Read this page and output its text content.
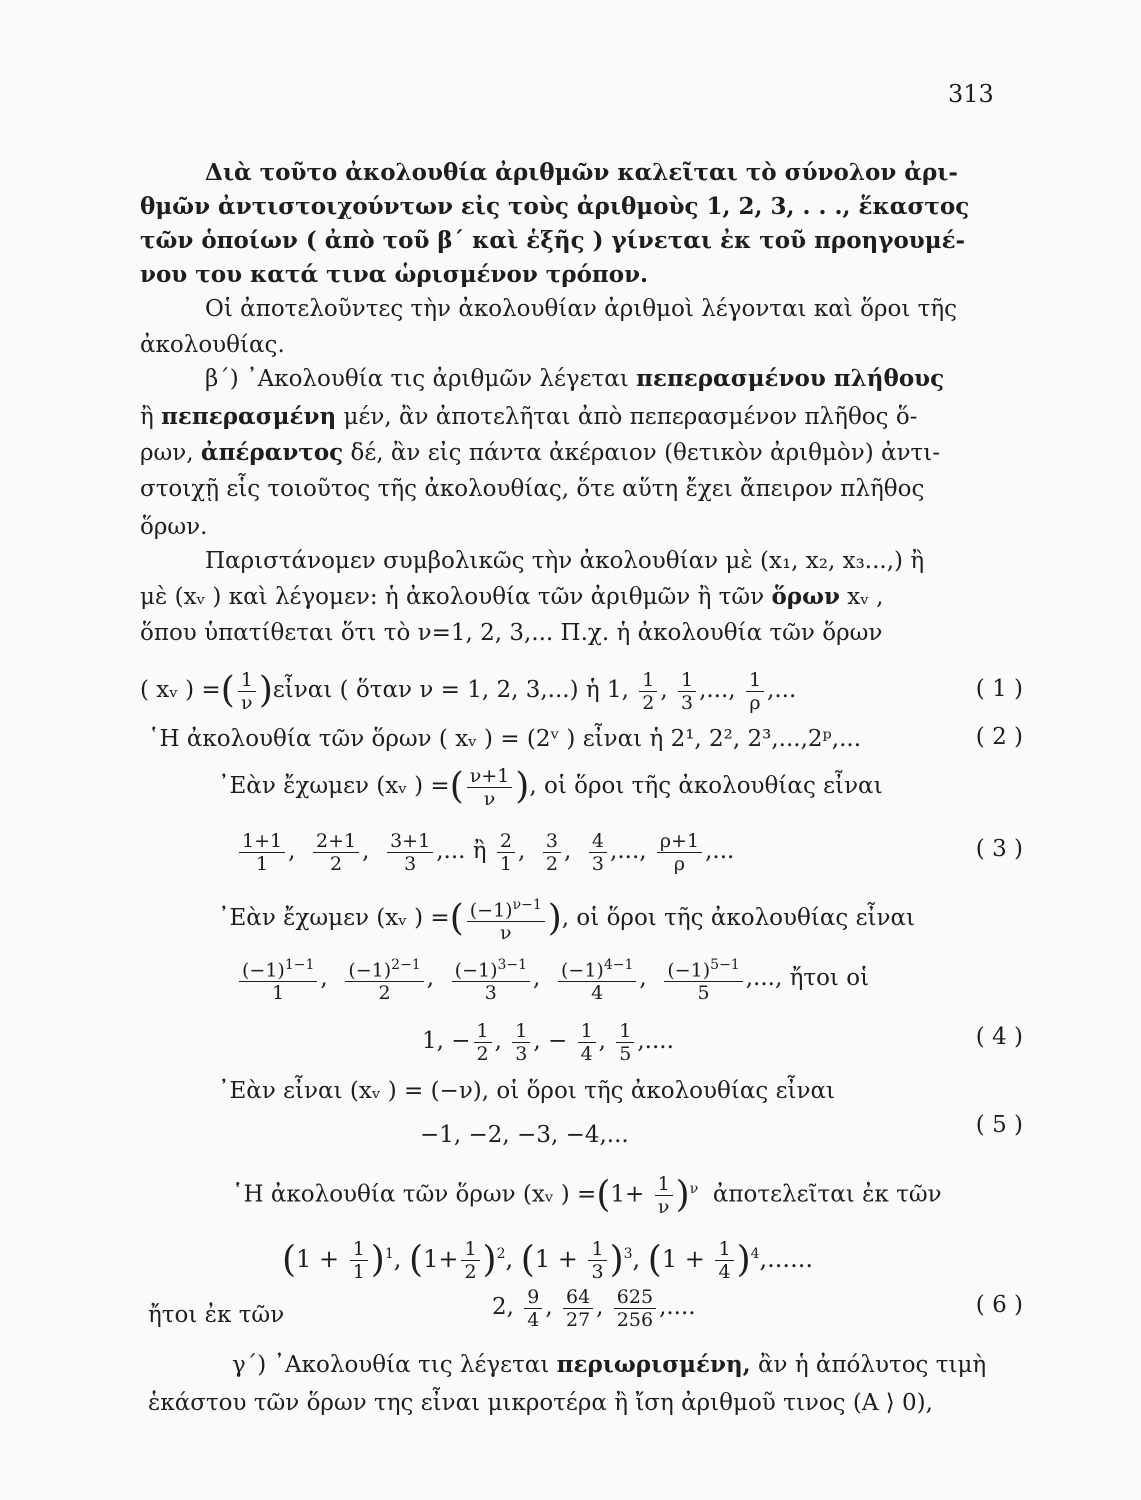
313
Διὰ τοῦτο ἀκολουθία ἀριθμῶν καλεῖται τὸ σύνολον ἀρι-
θμῶν ἀντιστοιχούντων εἰς τοὺς ἀριθμοὺς 1, 2, 3, . . ., ἕκαστος
τῶν ὁποίων ( ἀπὸ τοῦ β΄ καὶ ἑξῆς ) γίνεται ἐκ τοῦ προηγουμέ-
νου του κατά τινα ὡρισμένον τρόπον.
Οἱ ἀποτελοῦντες τὴν ἀκολουθίαν ἀριθμοὶ λέγονται καὶ ὅροι τῆς
ἀκολουθίας.
β΄) ᾿Ακολουθία τις ἀριθμῶν λέγεται πεπερασμένου πλήθους
ἢ πεπερασμένη μέν, ἂν ἀποτελῆται ἀπὸ πεπερασμένον πλῆθος ὅ-
ρων, ἀπέραντος δέ, ἂν εἰς πάντα ἀκέραιον (θετικὸν ἀριθμὸν) ἀντι-
στοιχῇ εἷς τοιοῦτος τῆς ἀκολουθίας, ὅτε αὕτη ἔχει ἄπειρον πλῆθος
ὅρων.
Παριστάνομεν συμβολικῶς τὴν ἀκολουθίαν μὲ (x₁, x₂, x₃...,) ἢ
μὲ (xᵥ ) καὶ λέγομεν: ἡ ἀκολουθία τῶν ἀριθμῶν ἢ τῶν ὅρων xᵥ ,
ὅπου ὑπατίθεται ὅτι τὸ ν=1, 2, 3,... Π.χ. ἡ ἀκολουθία τῶν ὅρων
( xᵥ ) =( $\frac{1}{\nu}$ )εἶναι ( ὅταν ν = 1, 2, 3,...) ἡ 1, $\frac{1}{2}$ , $\frac{1}{3}$ ,..., $\frac{1}{\rho}$ ,...	( 1 )
῾Η ἀκολουθία τῶν ὅρων ( xᵥ ) = (2ᵛ ) εἶναι ἡ 2¹, 2², 2³,...,2ᵖ,...	( 2 )
᾿Εὰν ἔχωμεν (xᵥ ) =( $\frac{\nu+1}{\nu}$ ), οἱ ὅροι τῆς ἀκολουθίας εἶναι
$\frac{1+1}{1}$ , $\frac{2+1}{2}$ , $\frac{3+1}{3}$ ,... ἢ $\frac{2}{1}$ , $\frac{3}{2}$ , $\frac{4}{3}$ ,..., $\frac{\rho+1}{\rho}$ ,...	( 3 )
᾿Εὰν ἔχωμεν (xᵥ ) =( $\frac{(-1)^{\nu-1}}{\nu}$ ), οἱ ὅροι τῆς ἀκολουθίας εἶναι
$\frac{(-1)^{1-1}}{1}$ , $\frac{(-1)^{2-1}}{2}$ , $\frac{(-1)^{3-1}}{3}$ , $\frac{(-1)^{4-1}}{4}$ , $\frac{(-1)^{5-1}}{5}$ ,..., ἤτοι οἱ
1, − $\frac{1}{2}$ , $\frac{1}{3}$ , − $\frac{1}{4}$ , $\frac{1}{5}$ ,....	( 4 )
᾿Εὰν εἶναι (xᵥ ) = (−ν), οἱ ὅροι τῆς ἀκολουθίας εἶναι
−1, −2, −3, −4,...	( 5 )
῾Η ἀκολουθία τῶν ὅρων (xᵥ ) $=(1+ \frac{1}{\nu} )^\nu$ ἀποτελεῖται ἐκ τῶν
$(1 + \frac{1}{1} )^1$, $(1+ \frac{1}{2} )^2$, $(1 + \frac{1}{3} )^3$, $(1 + \frac{1}{4} )^4$,......
ἤτοι ἐκ τῶν	2, $\frac{9}{4}$ , $\frac{64}{27}$ , $\frac{625}{256}$ ,....	( 6 )
γ΄) ᾿Ακολουθία τις λέγεται περιωρισμένη, ἂν ἡ ἀπόλυτος τιμὴ
ἑκάστου τῶν ὅρων της εἶναι μικροτέρα ἢ ἴση ἀριθμοῦ τινος (A ⟩ 0),
